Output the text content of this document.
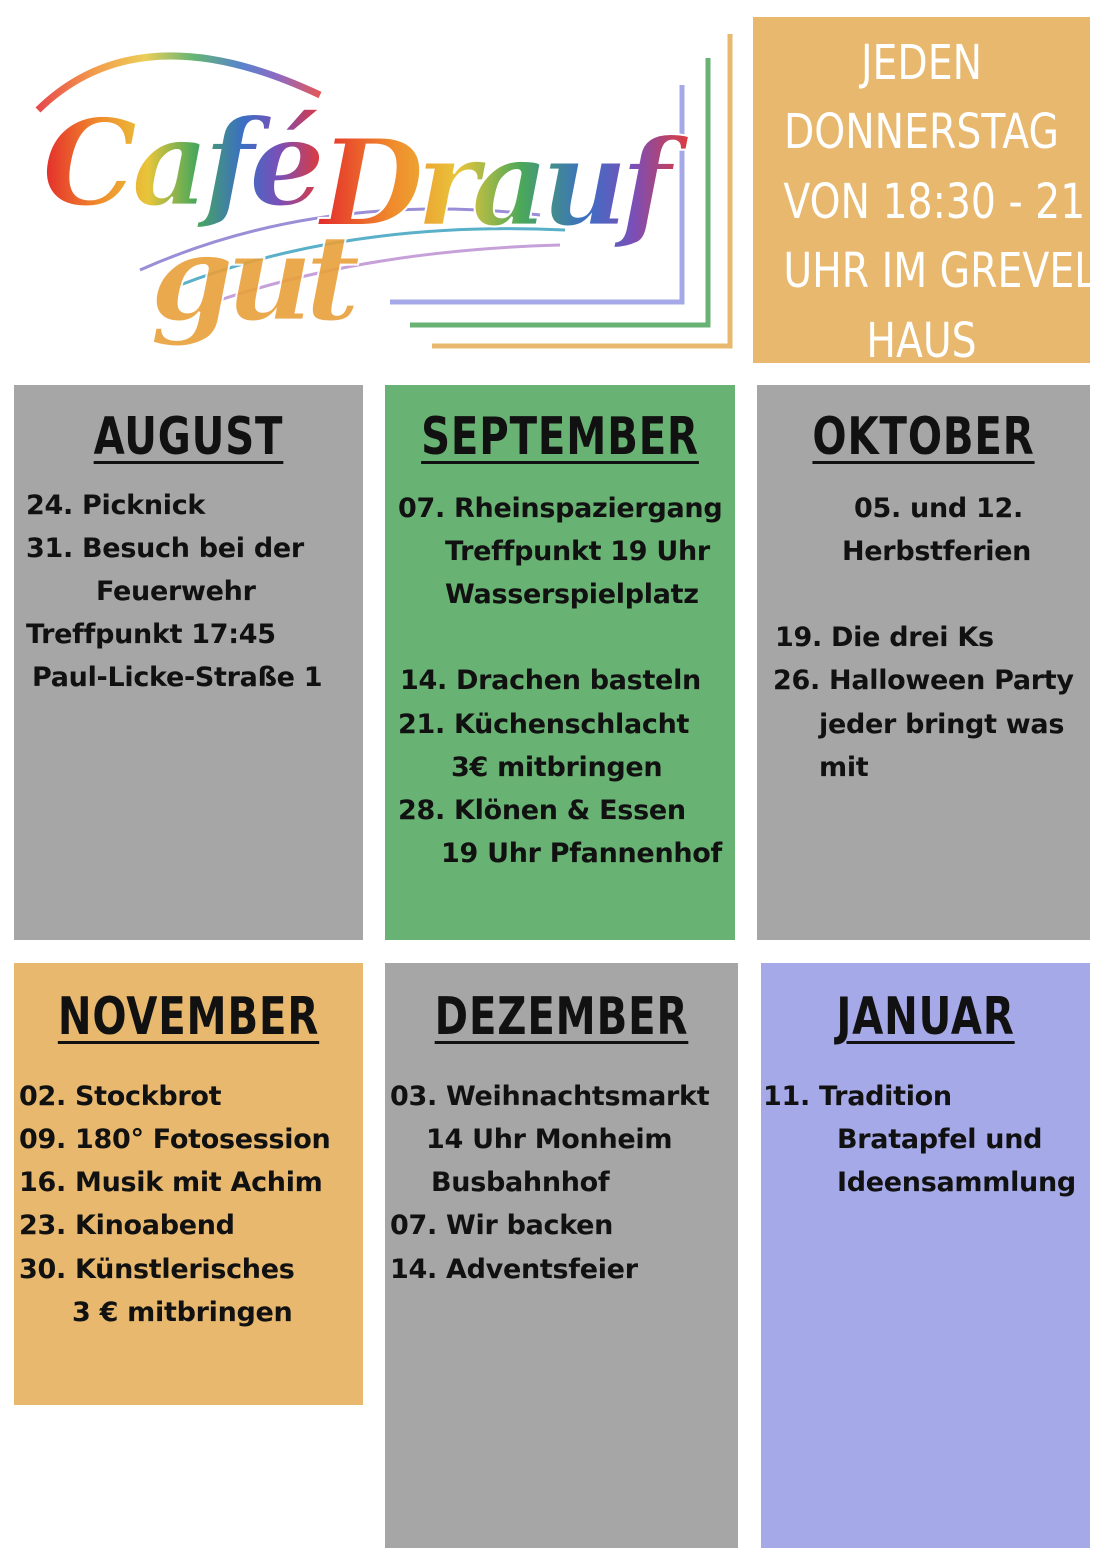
Café
gut
Drauf
JEDEN
DONNERSTAG
VON 18:30 - 21
UHR IM GREVEL
HAUS
AUGUST
24. Picknick
31. Besuch bei der
Feuerwehr
Treffpunkt 17:45
Paul-Licke-Straße 1
SEPTEMBER
07. Rheinspaziergang
Treffpunkt 19 Uhr
Wasserspielplatz
14. Drachen basteln
21. Küchenschlacht
3€ mitbringen
28. Klönen & Essen
19 Uhr Pfannenhof
OKTOBER
05. und 12.
Herbstferien
19. Die drei Ks
26. Halloween Party
jeder bringt was
mit
NOVEMBER
02. Stockbrot
09. 180° Fotosession
16. Musik mit Achim
23. Kinoabend
30. Künstlerisches
3 € mitbringen
DEZEMBER
03. Weihnachtsmarkt
14 Uhr Monheim
Busbahnhof
07. Wir backen
14. Adventsfeier
JANUAR
11. Tradition
Bratapfel und
Ideensammlung
